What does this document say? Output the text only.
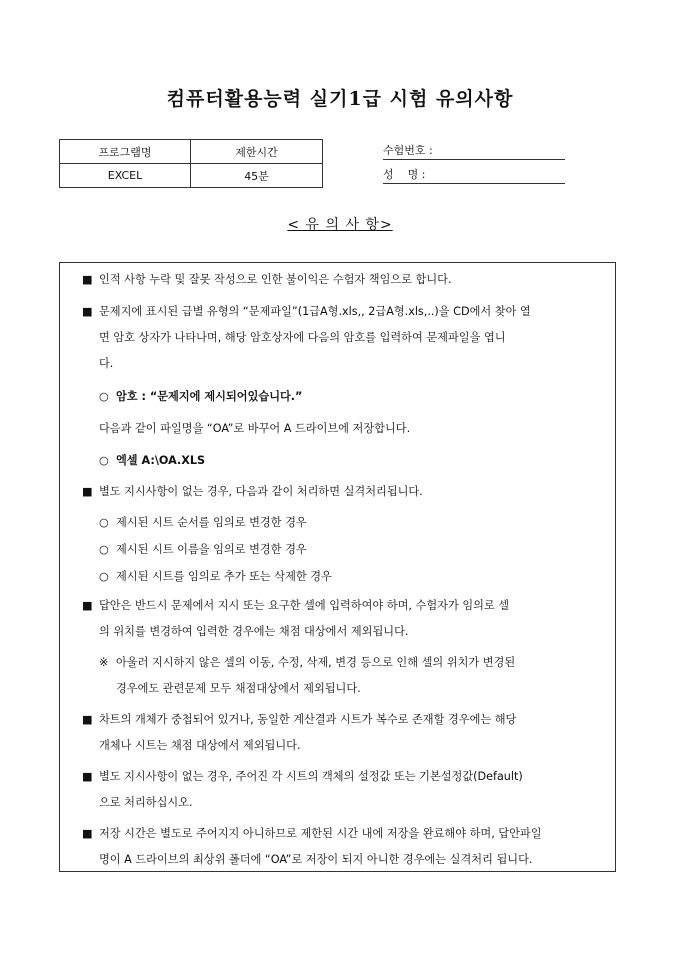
컴퓨터활용능력 실기1급 시험 유의사항
프로그램명	제한시간
EXCEL	45분
수험번호 :
성    명 :
< 유 의 사 항>
■ 인적 사항 누락 및 잘못 작성으로 인한 불이익은 수험자 책임으로 합니다.
■ 문제지에 표시된 급별 유형의 “문제파일”(1급A형.xls,, 2급A형.xls,..)을 CD에서 찾아 열
면 암호 상자가 나타나며, 해당 암호상자에 다음의 암호를 입력하여 문제파일을 엽니
다.
○ 암호 : “문제지에 제시되어있습니다.”
다음과 같이 파일명을 “OA”로 바꾸어 A 드라이브에 저장합니다.
○ 엑셀 A:\OA.XLS
■ 별도 지시사항이 없는 경우, 다음과 같이 처리하면 실격처리됩니다.
○ 제시된 시트 순서를 임의로 변경한 경우
○ 제시된 시트 이름을 임의로 변경한 경우
○ 제시된 시트를 임의로 추가 또는 삭제한 경우
■ 답안은 반드시 문제에서 지시 또는 요구한 셀에 입력하여야 하며, 수험자가 임의로 셀
의 위치를 변경하여 입력한 경우에는 채점 대상에서 제외됩니다.
※ 아울러 지시하지 않은 셀의 이동, 수정, 삭제, 변경 등으로 인해 셀의 위치가 변경된
경우에도 관련문제 모두 채점대상에서 제외됩니다.
■ 차트의 개체가 중첩되어 있거나, 동일한 계산결과 시트가 복수로 존재할 경우에는 해당
개체나 시트는 채점 대상에서 제외됩니다.
■ 별도 지시사항이 없는 경우, 주어진 각 시트의 객체의 설정값 또는 기본설정값(Default)
으로 처리하십시오.
■ 저장 시간은 별도로 주어지지 아니하므로 제한된 시간 내에 저장을 완료해야 하며, 답안파일
명이 A 드라이브의 최상위 폴더에 “OA”로 저장이 되지 아니한 경우에는 실격처리 됩니다.
